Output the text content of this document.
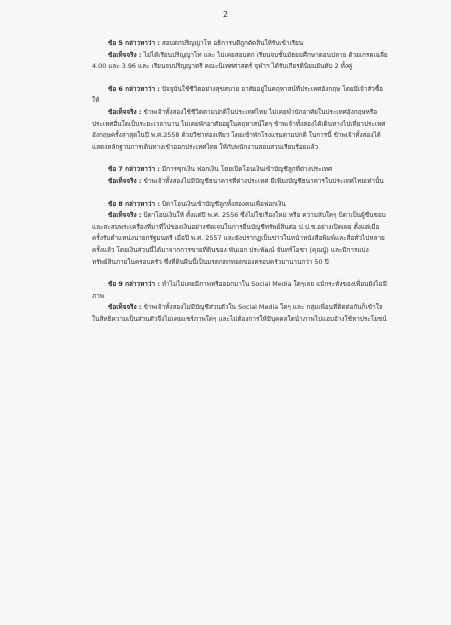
2

ข้อ 5 กล่าวหาว่า : สอบตกปริญญาโท อธิการบดีถูกตัดสินให้รับเข้าเรียน

ข้อเท็จจริง : ไม่ได้เรียนปริญญาโท และ ไม่เคยสอบตก เรียนจบชั้นมัธยมศึกษาตอนปลาย ด้วยเกรดเฉลี่ย 4.00 และ 3.96 และ เรียนจบปริญญาตรี คณะนิเทศศาสตร์ จุฬาฯ ได้รับเกียรตินิยมอันดับ 2 ทั้งคู่

ข้อ 6 กล่าวหาว่า : ปัจจุบันใช้ชีวิตอย่างสุขสบาย อาศัยอยู่ในคฤหาสน์ที่ประเทศอังกฤษ โดยมีเจ้าสัวซื้อให้

ข้อเท็จจริง : ข้าพเจ้าทั้งสองใช้ชีวิตตามปกติในประเทศไทย ไม่เคยพำนักอาศัยในประเทศอังกฤษหรือประเทศอื่นใดเป็นระยะเวลานาน ไม่เคยพักอาศัยอยู่ในคฤหาสน์ใดๆ ข้าพเจ้าทั้งสองได้เดินทางไปเที่ยวประเทศอังกฤษครั้งล่าสุดในปี พ.ศ.2558 ด้วยวีซ่าท่องเที่ยว โดยเข้าพักโรงแรมตามปกติ ในการนี้ ข้าพเจ้าทั้งสองได้แสดงหลักฐานการเดินทางเข้าออกประเทศไทย ให้กับพนักงานสอบสวนเรียบร้อยแล้ว

ข้อ 7 กล่าวหาว่า : มีการซุกเงิน ฟอกเงิน โดยเปิดโอนเงินเข้าบัญชีลูกที่ต่างประเทศ

ข้อเท็จจริง : ข้าพเจ้าทั้งสองไม่มีบัญชีธนาคารที่ต่างประเทศ มีเพียงบัญชีธนาคารในประเทศไทยเท่านั้น

ข้อ 8 กล่าวหาว่า : บิดาโอนเงินเข้าบัญชีลูกทั้งสองคนเพื่อฟอกเงิน

ข้อเท็จจริง : บิดาโอนเงินให้ ตั้งแต่ปี พ.ศ. 2556 ซึ่งไม่ใช่เรื่องใหม่ หรือ ความลับใดๆ บิดาเป็นผู้ชื่นชอบและสะสมพระเครื่องที่มาที่ไปของเงินอย่างชัดเจนในการยื่นบัญชีทรัพย์สินต่อ ป.ป.ช.อย่างเปิดเผย ตั้งแต่เมื่อครั้งรับตำแหน่งนายกรัฐมนตรี เมื่อปี พ.ศ. 2557 และยังปรากฏเป็นข่าวในหน้าหนังสือพิมพ์และสื่อทั่วไปหลายครั้งแล้ว โดยเงินส่วนนี้ได้มาจากการขายที่ดินของ พันเอก ประพัฒน์ จันทร์โอชา (คุณปู่) และมีการแบ่งทรัพย์สินภายในครอบครัว ซึ่งที่ดินผืนนี้เป็นมรดกตกทอดของครอบครัวมานานกว่า 50 ปี

ข้อ 9 กล่าวหาว่า : ทำไมไม่เคยมีภาพหรือออกมาใน Social Media ใดๆเลย แม้กระทั่งของเพื่อนยังไม่มีภาพ

ข้อเท็จจริง : ข้าพเจ้าทั้งสองไม่มีบัญชีส่วนตัวใน Social Media ใดๆ และ กลุ่มเพื่อนที่ติดต่อกันก็เข้าใจในสิทธิความเป็นส่วนตัวจึงไม่เคยแชร์ภาพใดๆ และไม่ต้องการให้มีบุคคลใดนำภาพไปแอบอ้างใช้หาประโยชน์
